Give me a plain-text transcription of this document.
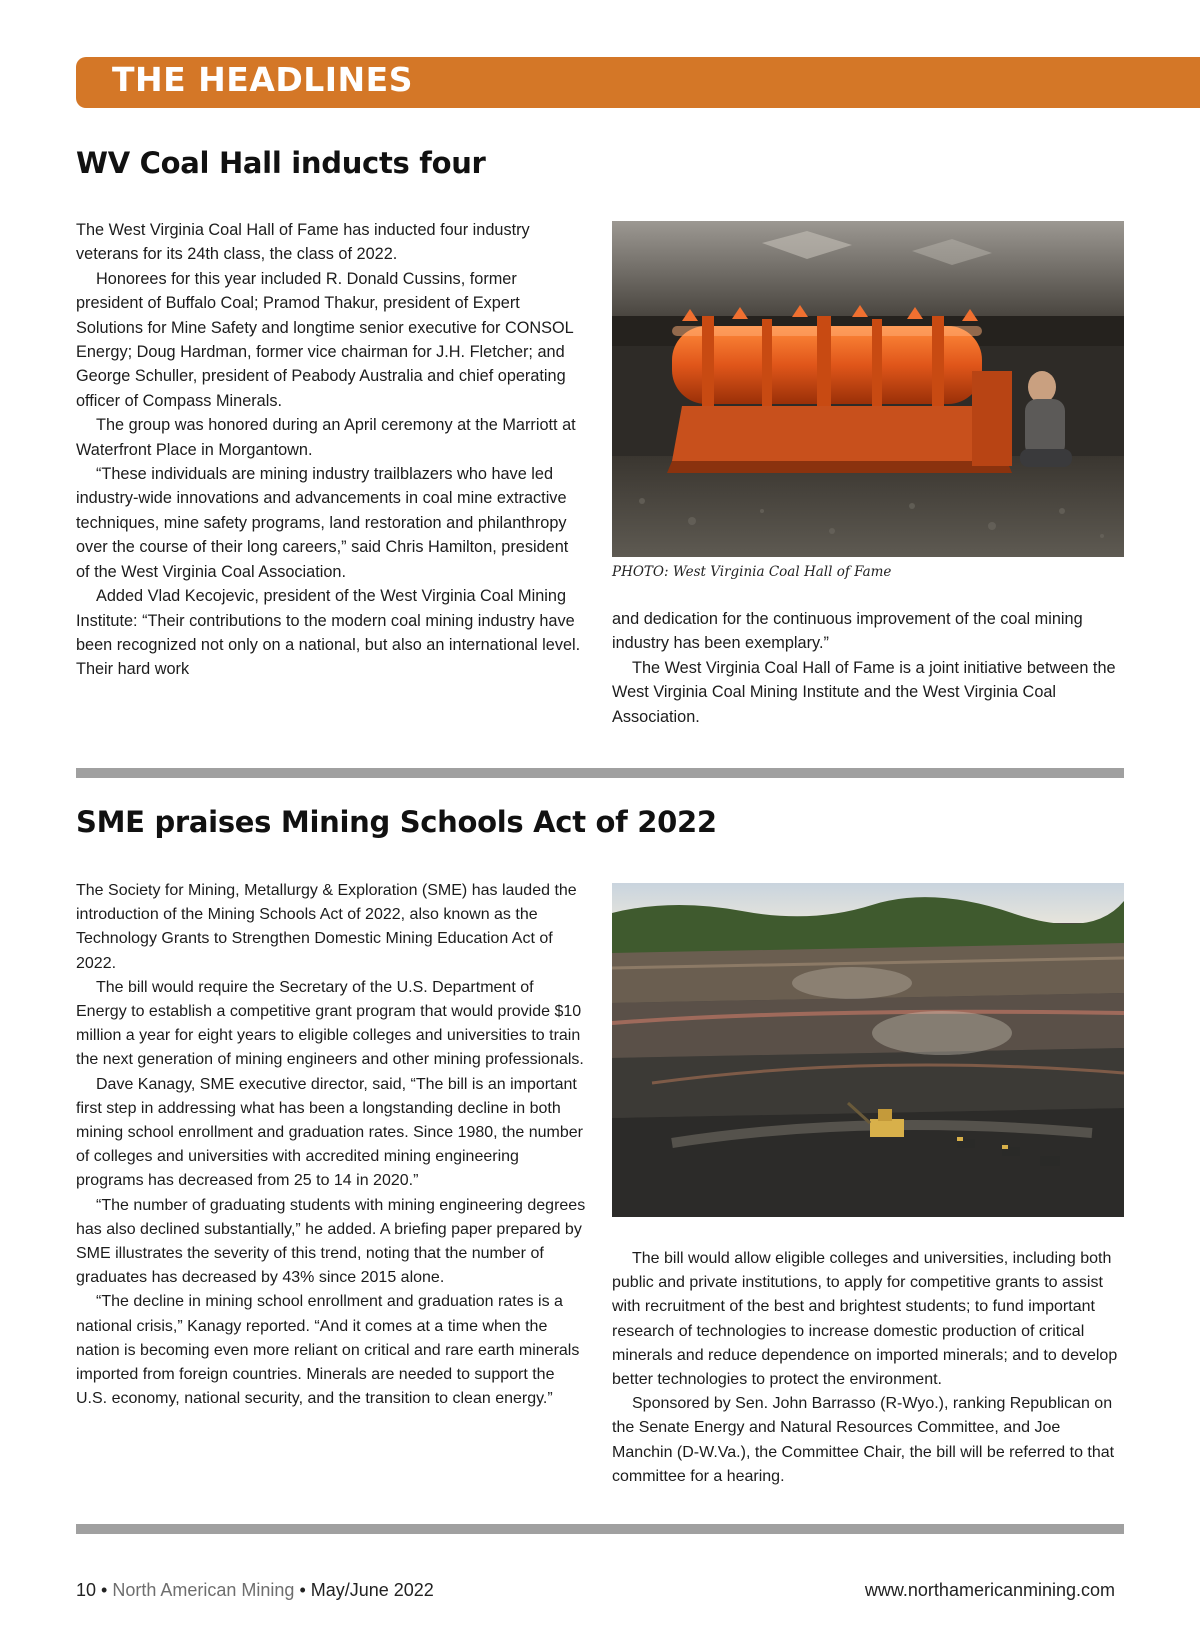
THE HEADLINES
WV Coal Hall inducts four

The West Virginia Coal Hall of Fame has inducted four industry veterans for its 24th class, the class of 2022.

Honorees for this year included R. Donald Cussins, former president of Buffalo Coal; Pramod Thakur, president of Expert Solutions for Mine Safety and longtime senior executive for CONSOL Energy; Doug Hardman, former vice chairman for J.H. Fletcher; and George Schuller, president of Peabody Australia and chief operating officer of Compass Minerals.

The group was honored during an April ceremony at the Marriott at Waterfront Place in Morgantown.

“These individuals are mining industry trailblazers who have led industry-wide innovations and advancements in coal mine extractive techniques, mine safety programs, land restoration and philanthropy over the course of their long careers,” said Chris Hamilton, president of the West Virginia Coal Association.

Added Vlad Kecojevic, president of the West Virginia Coal Mining Institute: “Their contributions to the modern coal mining industry have been recognized not only on a national, but also an international level. Their hard work

PHOTO: West Virginia Coal Hall of Fame

and dedication for the continuous improvement of the coal mining industry has been exemplary.”

The West Virginia Coal Hall of Fame is a joint initiative between the West Virginia Coal Mining Institute and the West Virginia Coal Association.

SME praises Mining Schools Act of 2022

The Society for Mining, Metallurgy & Exploration (SME) has lauded the introduction of the Mining Schools Act of 2022, also known as the Technology Grants to Strengthen Domestic Mining Education Act of 2022.

The bill would require the Secretary of the U.S. Department of Energy to establish a competitive grant program that would provide $10 million a year for eight years to eligible colleges and universities to train the next generation of mining engineers and other mining professionals.

Dave Kanagy, SME executive director, said, “The bill is an important first step in addressing what has been a longstanding decline in both mining school enrollment and graduation rates. Since 1980, the number of colleges and universities with accredited mining engineering programs has decreased from 25 to 14 in 2020.”

“The number of graduating students with mining engineering degrees has also declined substantially,” he added. A briefing paper prepared by SME illustrates the severity of this trend, noting that the number of graduates has decreased by 43% since 2015 alone.

“The decline in mining school enrollment and graduation rates is a national crisis,” Kanagy reported. “And it comes at a time when the nation is becoming even more reliant on critical and rare earth minerals imported from foreign countries. Minerals are needed to support the U.S. economy, national security, and the transition to clean energy.”

The bill would allow eligible colleges and universities, including both public and private institutions, to apply for competitive grants to assist with recruitment of the best and brightest students; to fund important research of technologies to increase domestic production of critical minerals and reduce dependence on imported minerals; and to develop better technologies to protect the environment.

Sponsored by Sen. John Barrasso (R-Wyo.), ranking Republican on the Senate Energy and Natural Resources Committee, and Joe Manchin (D-W.Va.), the Committee Chair, the bill will be referred to that committee for a hearing.

10 • North American Mining • May/June 2022	www.northamericanmining.com
